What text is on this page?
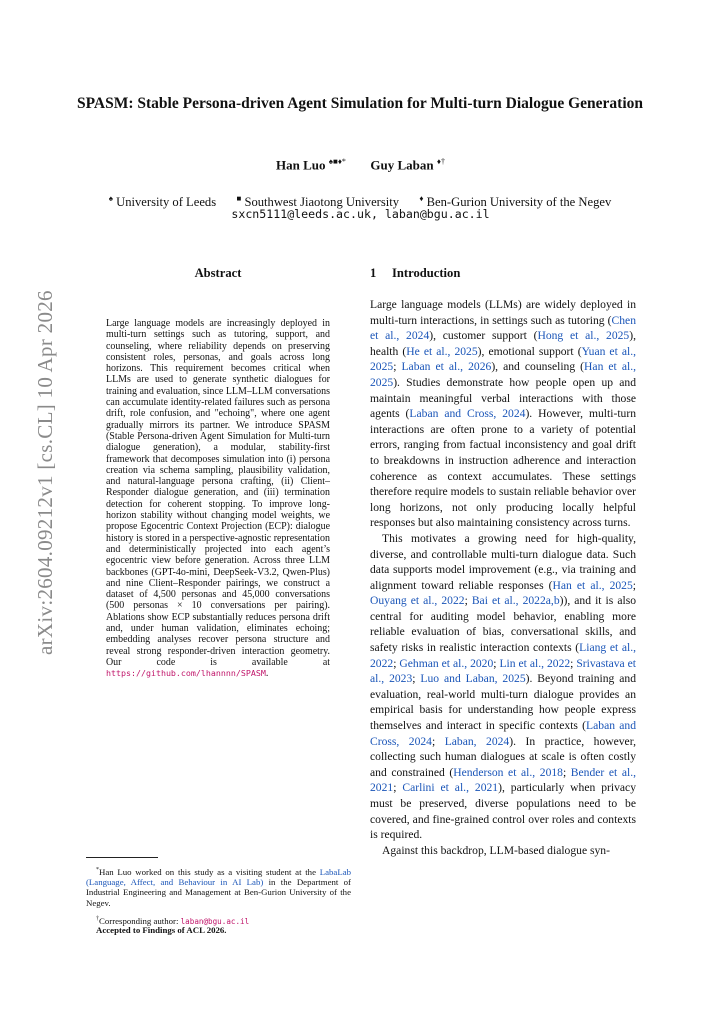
SPASM: Stable Persona-driven Agent Simulation for Multi-turn Dialogue Generation
Han Luo ♠■♦* Guy Laban ♦†
♠ University of Leeds	■ Southwest Jiaotong University	♦ Ben-Gurion University of the Negev
sxcn5111@leeds.ac.uk, laban@bgu.ac.il
arXiv:2604.09212v1 [cs.CL] 10 Apr 2026
Abstract
Large language models are increasingly deployed in multi-turn settings such as tutoring, support, and counseling, where reliability depends on preserving consistent roles, personas, and goals across long horizons. This requirement becomes critical when LLMs are used to generate synthetic dialogues for training and evaluation, since LLM–LLM conversations can accumulate identity-related failures such as persona drift, role confusion, and "echoing", where one agent gradually mirrors its partner. We introduce SPASM (Stable Persona-driven Agent Simulation for Multi-turn dialogue generation), a modular, stability-first framework that decomposes simulation into (i) persona creation via schema sampling, plausibility validation, and natural-language persona crafting, (ii) Client–Responder dialogue generation, and (iii) termination detection for coherent stopping. To improve long-horizon stability without changing model weights, we propose Egocentric Context Projection (ECP): dialogue history is stored in a perspective-agnostic representation and deterministically projected into each agent’s egocentric view before generation. Across three LLM backbones (GPT-4o-mini, DeepSeek-V3.2, Qwen-Plus) and nine Client–Responder pairings, we construct a dataset of 4,500 personas and 45,000 conversations (500 personas × 10 conversations per pairing). Ablations show ECP substantially reduces persona drift and, under human validation, eliminates echoing; embedding analyses recover persona structure and reveal strong responder-driven interaction geometry. Our code is available at https://github.com/lhannnn/SPASM.
*Han Luo worked on this study as a visiting student at the LabaLab (Language, Affect, and Behaviour in AI Lab) in the Department of Industrial Engineering and Management at Ben-Gurion University of the Negev.
†Corresponding author: laban@bgu.ac.il
Accepted to Findings of ACL 2026.
1 Introduction

Large language models (LLMs) are widely deployed in multi-turn interactions, in settings such as tutoring (Chen et al., 2024), customer support (Hong et al., 2025), health (He et al., 2025), emotional support (Yuan et al., 2025; Laban et al., 2026), and counseling (Han et al., 2025). Studies demonstrate how people open up and maintain meaningful verbal interactions with those agents (Laban and Cross, 2024). However, multi-turn interactions are often prone to a variety of potential errors, ranging from factual inconsistency and goal drift to breakdowns in instruction adherence and interaction coherence as context accumulates. These settings therefore require models to sustain reliable behavior over long horizons, not only producing locally helpful responses but also maintaining consistency across turns.

This motivates a growing need for high-quality, diverse, and controllable multi-turn dialogue data. Such data supports model improvement (e.g., via training and alignment toward reliable responses (Han et al., 2025; Ouyang et al., 2022; Bai et al., 2022a,b)), and it is also central for auditing model behavior, enabling more reliable evaluation of bias, conversational skills, and safety risks in realistic interaction contexts (Liang et al., 2022; Gehman et al., 2020; Lin et al., 2022; Srivastava et al., 2023; Luo and Laban, 2025). Beyond training and evaluation, real-world multi-turn dialogue provides an empirical basis for understanding how people express themselves and interact in specific contexts (Laban and Cross, 2024; Laban, 2024). In practice, however, collecting such human dialogues at scale is often costly and constrained (Henderson et al., 2018; Bender et al., 2021; Carlini et al., 2021), particularly when privacy must be preserved, diverse populations need to be covered, and fine-grained control over roles and contexts is required.

Against this backdrop, LLM-based dialogue syn-
